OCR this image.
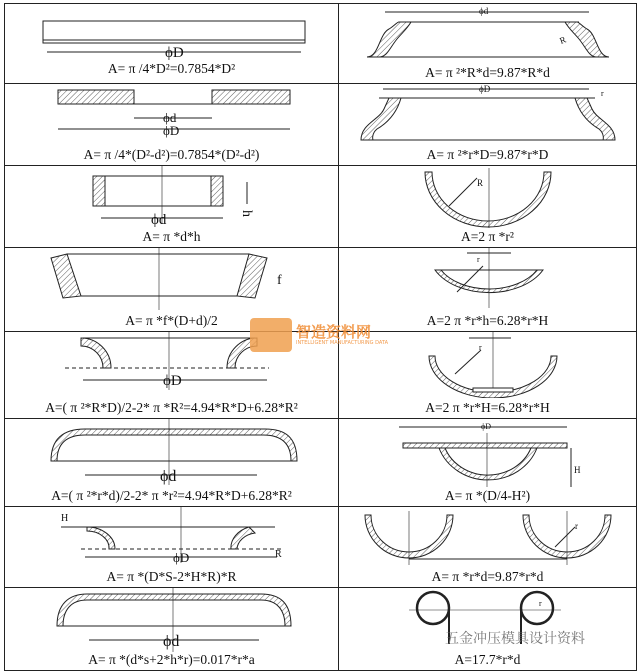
ϕD
A= π /4*D²=0.7854*D²
ϕd
R
A= π ²*R*d=9.87*R*d
ϕd
ϕD
A= π /4*(D²-d²)=0.7854*(D²-d²)
ϕD	r
A= π ²*r*D=9.87*r*D
ϕd	h
A= π *d*h
R
A=2 π *r²
f
A= π *f*(D+d)/2
r
A=2 π *r*h=6.28*r*H
ϕD
A=( π ²*R*D)/2-2* π *R²=4.94*R*D+6.28*R²
r
A=2 π *r*H=6.28*r*H
ϕd
A=( π ²*r*d)/2-2* π *r²=4.94*R*D+6.28*R²
ϕD
H
A= π *(D/4-H²)
ϕD
H
R
A= π *(D*S-2*H*R)*R
r
A= π *r*d=9.87*r*d
ϕd
A= π *(d*s+2*h*r)=0.017*r*a
r
A=17.7*r*d
智造资料网
INTELLIGENT MANUFACTURING DATA
五金冲压模具设计资料
